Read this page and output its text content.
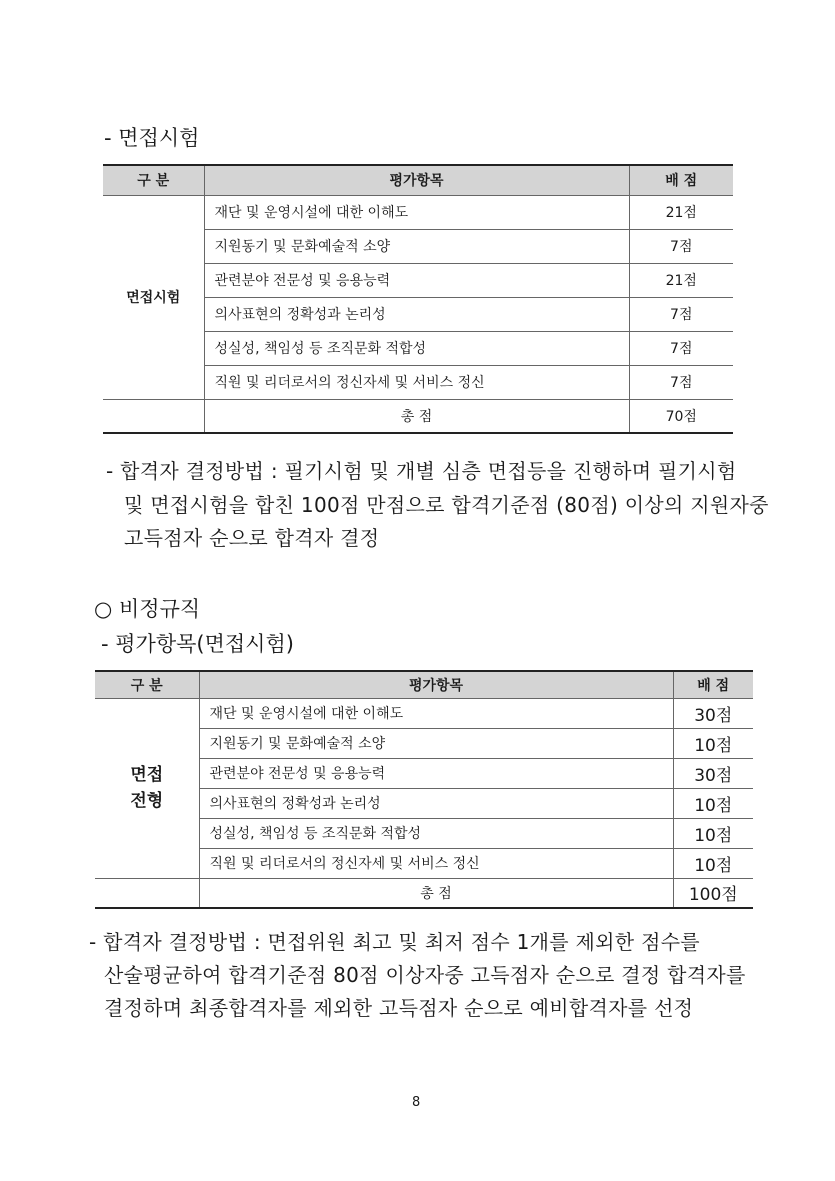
- 면접시험
구 분	평가항목	배 점
면접시험	재단 및 운영시설에 대한 이해도	21점
	지원동기 및 문화예술적 소양	7점
	관련분야 전문성 및 응용능력	21점
	의사표현의 정확성과 논리성	7점
	성실성, 책임성 등 조직문화 적합성	7점
	직원 및 리더로서의 정신자세 및 서비스 정신	7점
	총 점	70점
- 합격자 결정방법 : 필기시험 및 개별 심층 면접등을 진행하며 필기시험
및 면접시험을 합친 100점 만점으로 합격기준점 (80점) 이상의 지원자중
고득점자 순으로 합격자 결정
○ 비정규직
- 평가항목(면접시험)
구 분	평가항목	배 점

면접
전형	재단 및 운영시설에 대한 이해도	30점
	지원동기 및 문화예술적 소양	10점
	관련분야 전문성 및 응용능력	30점
	의사표현의 정확성과 논리성	10점
	성실성, 책임성 등 조직문화 적합성	10점
	직원 및 리더로서의 정신자세 및 서비스 정신	10점
	총 점	100점
- 합격자 결정방법 : 면접위원 최고 및 최저 점수 1개를 제외한 점수를
산술평균하여 합격기준점 80점 이상자중 고득점자 순으로 결정 합격자를
결정하며 최종합격자를 제외한 고득점자 순으로 예비합격자를 선정
8
